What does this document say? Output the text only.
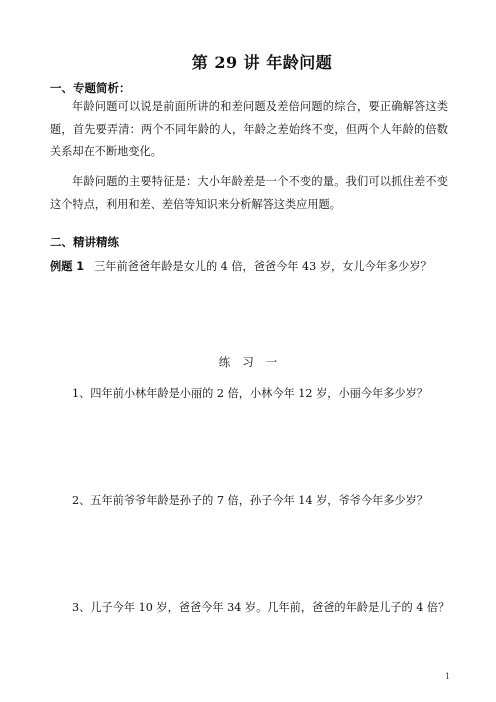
第 29 讲 年龄问题
一、专题简析：
年龄问题可以说是前面所讲的和差问题及差倍问题的综合，要正确解答这类题，首先要弄清：两个不同年龄的人，年龄之差始终不变，但两个人年龄的倍数关系却在不断地变化。
年龄问题的主要特征是：大小年龄差是一个不变的量。我们可以抓住差不变这个特点，利用和差、差倍等知识来分析解答这类应用题。
二、精讲精练
例题 1 三年前爸爸年龄是女儿的 4 倍，爸爸今年 43 岁，女儿今年多少岁？
练习一
1、四年前小林年龄是小丽的 2 倍，小林今年 12 岁，小丽今年多少岁？
2、五年前爷爷年龄是孙子的 7 倍，孙子今年 14 岁，爷爷今年多少岁？
3、儿子今年 10 岁，爸爸今年 34 岁。几年前，爸爸的年龄是儿子的 4 倍？
1
